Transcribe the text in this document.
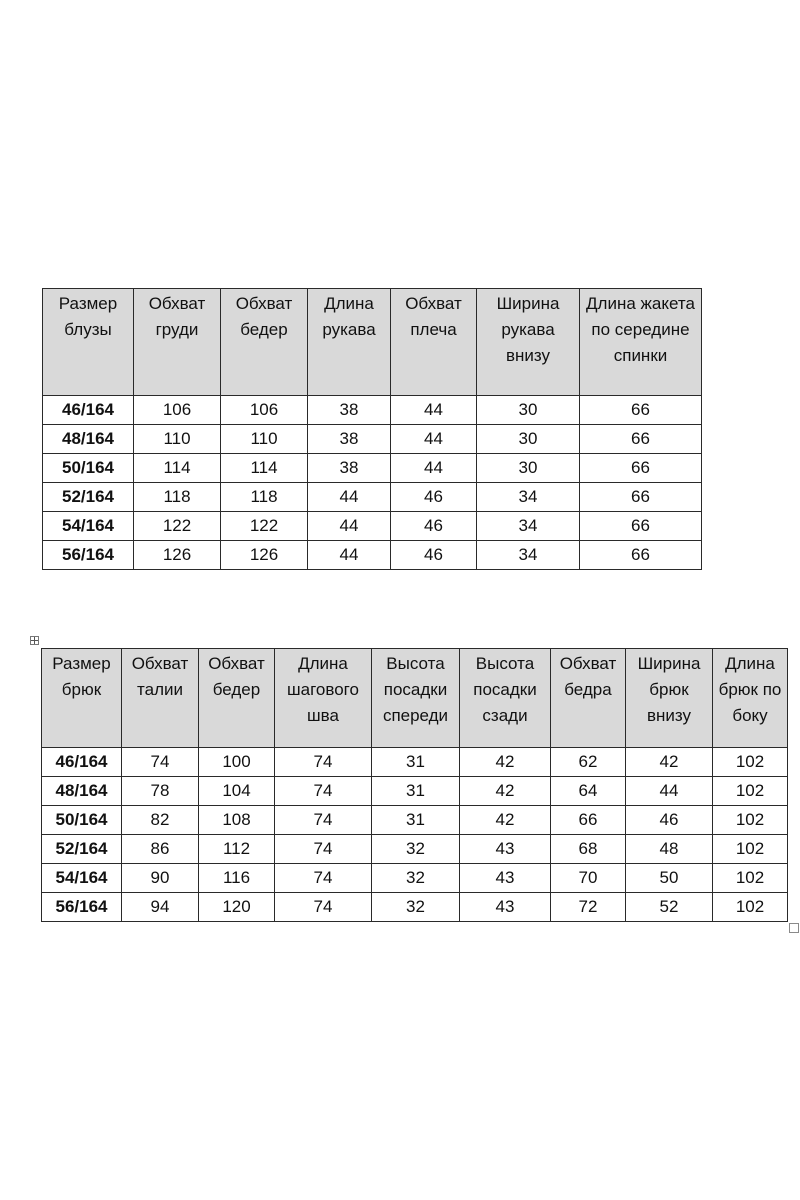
Размер блузы	Обхват груди	Обхват бедер	Длина рукава	Обхват плеча	Ширина рукава внизу	Длина жакета по середине спинки
46/164	106	106	38	44	30	66
48/164	110	110	38	44	30	66
50/164	114	114	38	44	30	66
52/164	118	118	44	46	34	66
54/164	122	122	44	46	34	66
56/164	126	126	44	46	34	66
Размер брюк	Обхват талии	Обхват бедер	Длина шагового шва	Высота посадки спереди	Высота посадки сзади	Обхват бедра	Ширина брюк внизу	Длина брюк по боку
46/164	74	100	74	31	42	62	42	102
48/164	78	104	74	31	42	64	44	102
50/164	82	108	74	31	42	66	46	102
52/164	86	112	74	32	43	68	48	102
54/164	90	116	74	32	43	70	50	102
56/164	94	120	74	32	43	72	52	102
